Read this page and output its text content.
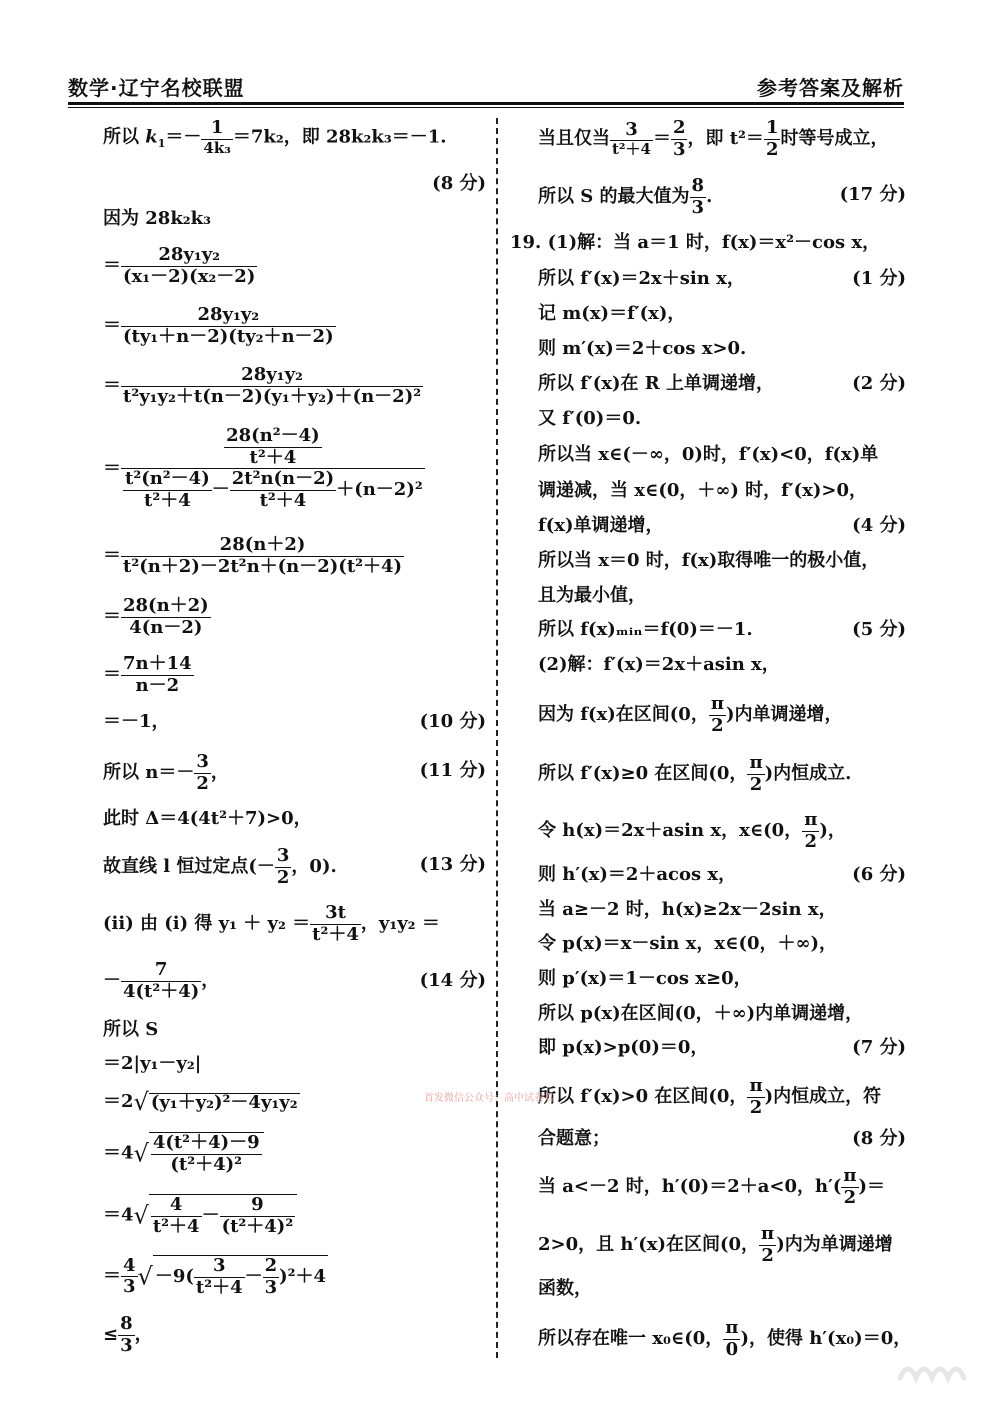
数学·辽宁名校联盟	参考答案及解析
所以 $k_1=- \frac{1}{\text{4k₃}} =7k_2$，即 28k₂k₃＝－1.
(8 分)
因为 28k₂k₃
＝ $\frac{\text{28y₁y₂}}{\text{(x₁－2)(x₂－2)}}$
＝ $\frac{\text{28y₁y₂}}{\text{(ty₁＋n－2)(ty₂＋n－2)}}$
＝ $\frac{\text{28y₁y₂}}{\text{t²y₁y₂＋t(n－2)(y₁＋y₂)＋(n－2)²}}$
＝ $\frac{\frac{\text{28(n²－4)}}{\text{t²＋4}}}{\frac{\text{t²(n²－4)}}{\text{t²＋4}} - \frac{\text{2t²n(n－2)}}{\text{t²＋4}} +(n-2)^2}$
＝ $\frac{28(n+2)}{\text{t²(n＋2)－2t²n＋(n－2)(t²＋4)}}$
＝ $\frac{28(n+2)}{4(n-2)}$
＝ $\frac{7n+14}{n-2}$
＝－1，	(10 分)
所以 $n=- \frac{3}{2}$ ，	(11 分)
此时 Δ＝4(4t²＋7)>0，
故直线 l 恒过定点(－ $\frac{3}{2}$ ，0).	(13 分)
(ii) 由 (i) 得 $y_1 + y_2 = \frac{3t}{\text{t²＋4}}$ ，y₁y₂ ＝
－ $\frac{7}{\text{4(t²＋4)}}$ ，	(14 分)
所以 S
＝2|y₁－y₂|
＝2√ (y₁＋y₂)²－4y₁y₂
$=4√ \frac{\text{4(t²＋4)－9}}{\text{(t²＋4)²}}$
$=4√ \frac{4}{\text{t²＋4}} - \frac{9}{\text{(t²＋4)²}}$
＝ $\frac{4}{3}$ √ $-9( \frac{3}{\text{t²＋4}} - \frac{2}{3} )^2+4$
≤ $\frac{8}{3}$ ，
当且仅当 $\frac{3}{\text{t²＋4}} = \frac{2}{3}$ ，即 $t^2= \frac{1}{2}$ 时等号成立，
所以 S 的最大值为 $\frac{8}{3}$ .	(17 分)
19. (1)解：当 a＝1 时，f(x)＝x²－cos x，
所以 f′(x)＝2x＋sin x，	(1 分)
记 m(x)＝f′(x)，
则 m′(x)＝2＋cos x>0.
所以 f′(x)在 R 上单调递增，	(2 分)
又 f′(0)＝0.
所以当 x∈(－∞，0)时，f′(x)<0，f(x)单
调递减，当 x∈(0，＋∞) 时，f′(x)>0，
f(x)单调递增，	(4 分)
所以当 x＝0 时，f(x)取得唯一的极小值，
且为最小值，
所以 f(x)ₘᵢₙ＝f(0)＝－1.	(5 分)
(2)解：f′(x)＝2x＋asin x，
因为 f(x)在区间(0， $\frac{\pi}{2}$ )内单调递增，
所以 f′(x)≥0 在区间(0， $\frac{\pi}{2}$ )内恒成立.
令 h(x)＝2x＋asin x，x∈(0， $\frac{\pi}{2}$ )，
则 h′(x)＝2＋acos x，	(6 分)
当 a≥－2 时，h(x)≥2x－2sin x，
令 p(x)＝x－sin x，x∈(0，＋∞)，
则 p′(x)＝1－cos x≥0，
所以 p(x)在区间(0，＋∞)内单调递增，
即 p(x)>p(0)＝0，	(7 分)
所以 f′(x)>0 在区间(0， $\frac{\pi}{2}$ )内恒成立，符
合题意；	(8 分)
当 a<－2 时，h′(0)＝2＋a<0，$h'( \frac{\pi}{2}$ )＝
2>0，且 h′(x)在区间(0， $\frac{\pi}{2}$ )内为单调递增
函数，
所以存在唯一 x₀∈(0， $\frac{\pi}{0}$ )，使得 h′(x₀)＝0，
首发微信公众号：高中试卷君
